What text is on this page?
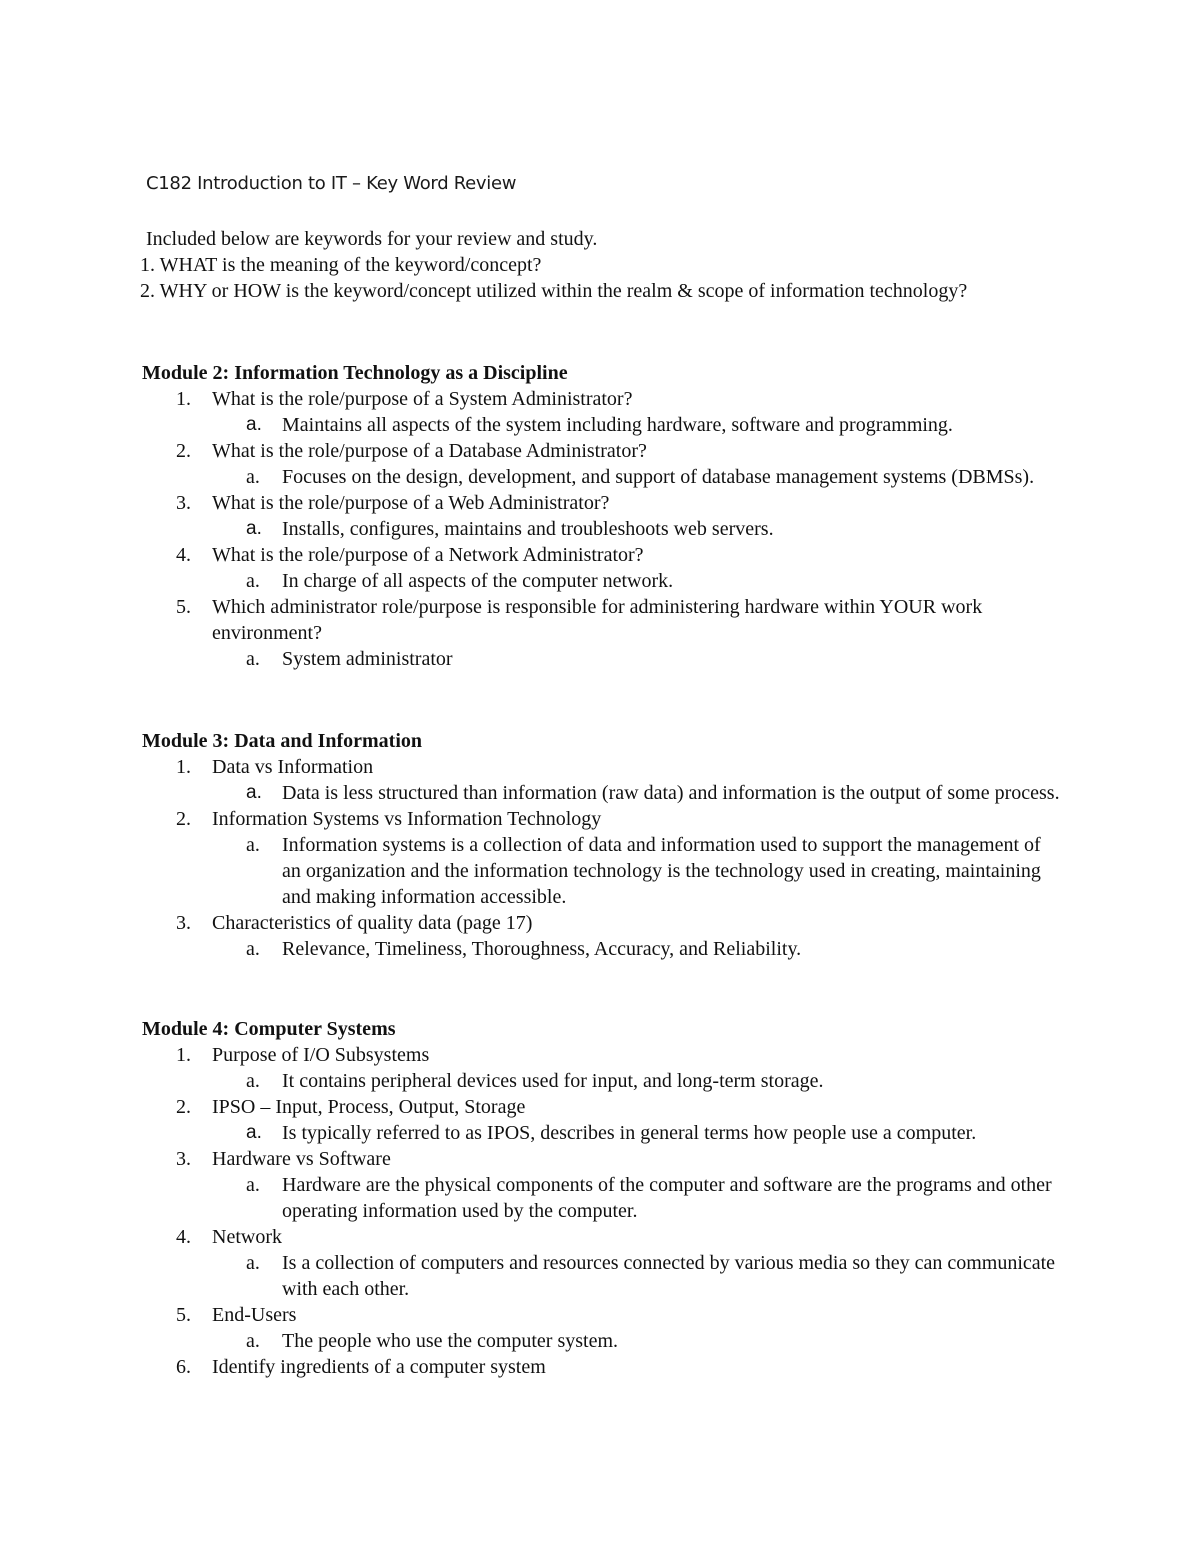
C182 Introduction to IT – Key Word Review

Included below are keywords for your review and study.

1. WHAT is the meaning of the keyword/concept?

2. WHY or HOW is the keyword/concept utilized within the realm & scope of information technology?

Module 2: Information Technology as a Discipline

1. What is the role/purpose of a System Administrator?

a. Maintains all aspects of the system including hardware, software and programming.

2. What is the role/purpose of a Database Administrator?

a. Focuses on the design, development, and support of database management systems (DBMSs).

3. What is the role/purpose of a Web Administrator?

a. Installs, configures, maintains and troubleshoots web servers.

4. What is the role/purpose of a Network Administrator?

a. In charge of all aspects of the computer network.

5. Which administrator role/purpose is responsible for administering hardware within YOUR work environment?

a. System administrator

Module 3: Data and Information

1. Data vs Information

a. Data is less structured than information (raw data) and information is the output of some process.

2. Information Systems vs Information Technology

a. Information systems is a collection of data and information used to support the management of an organization and the information technology is the technology used in creating, maintaining and making information accessible.

3. Characteristics of quality data (page 17)

a. Relevance, Timeliness, Thoroughness, Accuracy, and Reliability.

Module 4: Computer Systems

1. Purpose of I/O Subsystems

a. It contains peripheral devices used for input, and long-term storage.

2. IPSO – Input, Process, Output, Storage

a. Is typically referred to as IPOS, describes in general terms how people use a computer.

3. Hardware vs Software

a. Hardware are the physical components of the computer and software are the programs and other operating information used by the computer.

4. Network

a. Is a collection of computers and resources connected by various media so they can communicate with each other.

5. End-Users

a. The people who use the computer system.

6. Identify ingredients of a computer system
